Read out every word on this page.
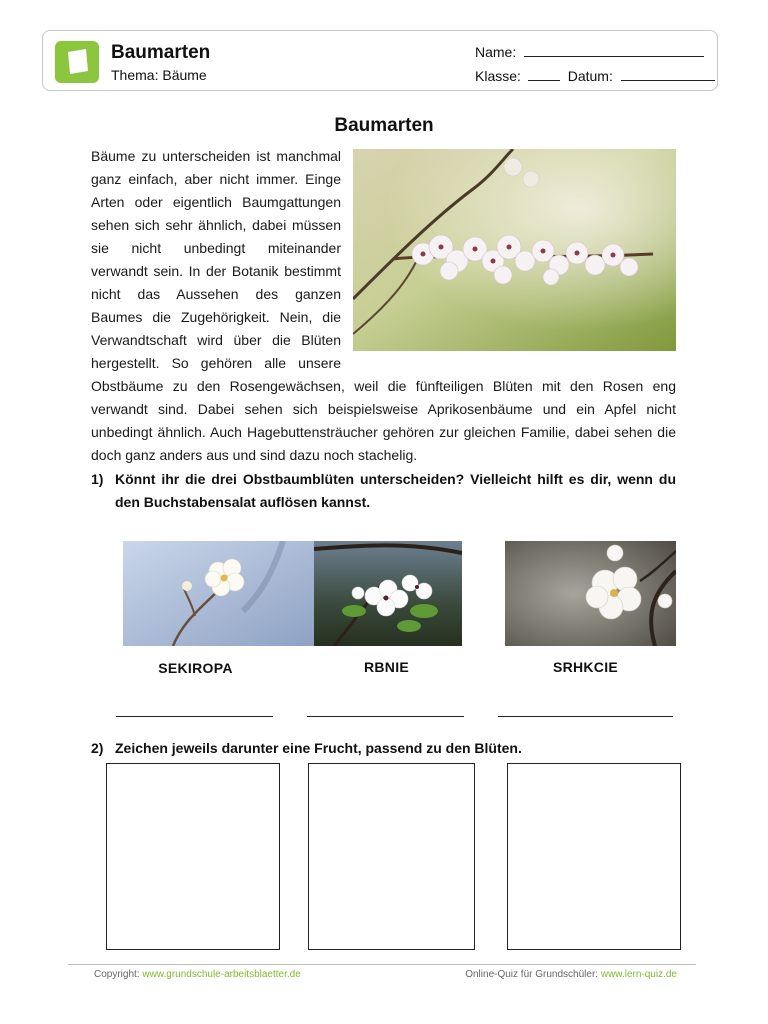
Baumarten
Thema: Bäume
Name:
Klasse:	Datum:
Baumarten
Bäume zu unterscheiden ist manchmal ganz einfach, aber nicht immer. Einge Arten oder eigentlich Baumgattungen sehen sich sehr ähnlich, dabei müssen sie nicht unbedingt miteinander verwandt sein. In der Botanik bestimmt nicht das Aussehen des ganzen Baumes die Zugehörigkeit. Nein, die Verwandtschaft wird über die Blüten hergestellt. So gehören alle unsere Obstbäume zu den Rosengewächsen, weil die fünfteiligen Blüten mit den Rosen eng verwandt sind. Dabei sehen sich beispielsweise Aprikosenbäume und ein Apfel nicht unbedingt ähnlich. Auch Hagebuttensträucher gehören zur gleichen Familie, dabei sehen die doch ganz anders aus und sind dazu noch stachelig.
1) Könnt ihr die drei Obstbaumblüten unterscheiden? Vielleicht hilft es dir, wenn du den Buchstabensalat auflösen kannst.
SEKIROPA	RBNIE	SRHKCIE
2) Zeichen jeweils darunter eine Frucht, passend zu den Blüten.
Copyright: www.grundschule-arbeitsblaetter.de	Online-Quiz für Grundschüler: www.lern-quiz.de
